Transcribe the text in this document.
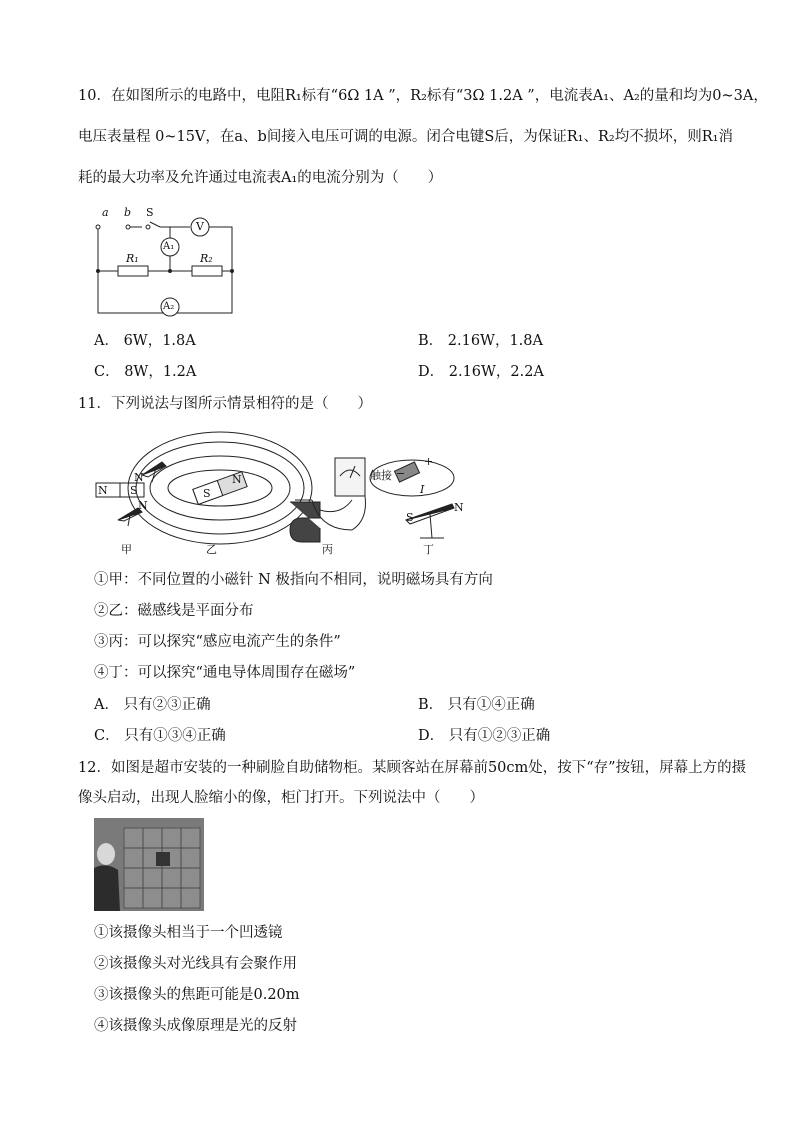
10．在如图所示的电路中，电阻R₁标有“6Ω 1A ”，R₂标有“3Ω 1.2A ”，电流表A₁、A₂的量和均为0~3A，
电压表量程 0~15V，在a、b间接入电压可调的电源。闭合电键S后，为保证R₁、R₂均不损坏，则R₁消
耗的最大功率及允许通过电流表A₁的电流分别为（　　）
a b S
V
A₁
R₁	R₂
A₂
A． 6W，1.8A	B． 2.16W，1.8A
C． 8W，1.2A	D． 2.16W，2.2A
11．下列说法与图所示情景相符的是（　　）
N
N S
N
S
N	触接
+
−
I
S
N
甲	乙	丙	丁
①甲：不同位置的小磁针 N 极指向不相同，说明磁场具有方向
②乙：磁感线是平面分布
③丙：可以探究“感应电流产生的条件”
④丁：可以探究“通电导体周围存在磁场”
A． 只有②③正确	B． 只有①④正确
C． 只有①③④正确	D． 只有①②③正确
12．如图是超市安装的一种刷脸自助储物柜。某顾客站在屏幕前50cm处，按下“存”按钮，屏幕上方的摄
像头启动，出现人脸缩小的像，柜门打开。下列说法中（　　）
①该摄像头相当于一个凹透镜
②该摄像头对光线具有会聚作用
③该摄像头的焦距可能是0.20m
④该摄像头成像原理是光的反射
